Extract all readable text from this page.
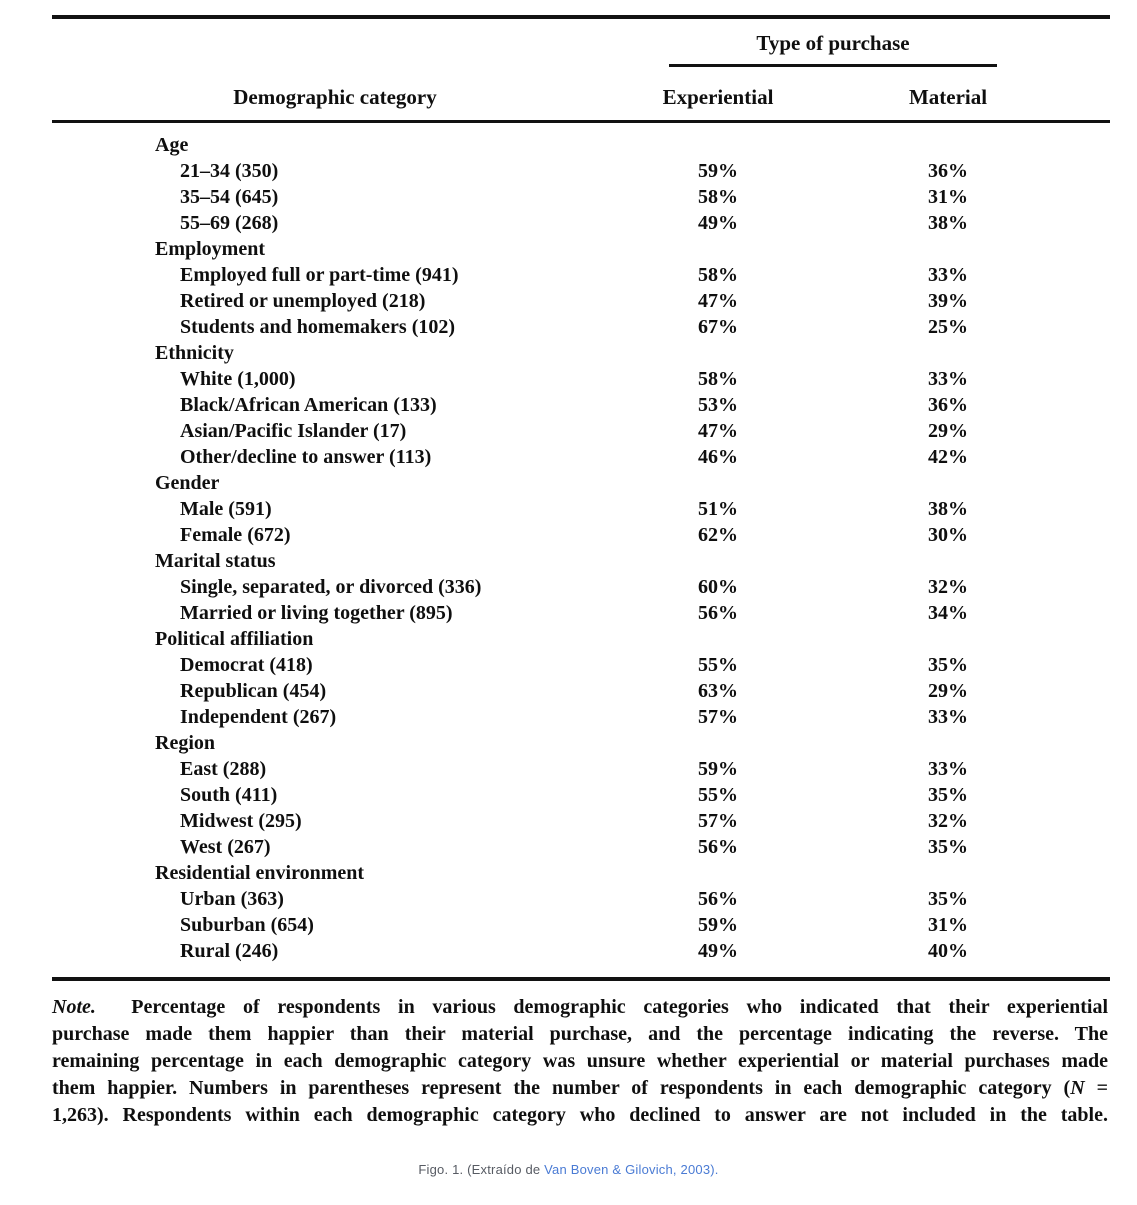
Type of purchase
Demographic category	Experiential	Material
Age
21–34 (350)	59%	36%
35–54 (645)	58%	31%
55–69 (268)	49%	38%
Employment
Employed full or part-time (941)	58%	33%
Retired or unemployed (218)	47%	39%
Students and homemakers (102)	67%	25%
Ethnicity
White (1,000)	58%	33%
Black/African American (133)	53%	36%
Asian/Pacific Islander (17)	47%	29%
Other/decline to answer (113)	46%	42%
Gender
Male (591)	51%	38%
Female (672)	62%	30%
Marital status
Single, separated, or divorced (336)	60%	32%
Married or living together (895)	56%	34%
Political affiliation
Democrat (418)	55%	35%
Republican (454)	63%	29%
Independent (267)	57%	33%
Region
East (288)	59%	33%
South (411)	55%	35%
Midwest (295)	57%	32%
West (267)	56%	35%
Residential environment
Urban (363)	56%	35%
Suburban (654)	59%	31%
Rural (246)	49%	40%
Note.  Percentage of respondents in various demographic categories who indicated that their experiential
purchase made them happier than their material purchase, and the percentage indicating the reverse. The
remaining percentage in each demographic category was unsure whether experiential or material purchases made
them happier. Numbers in parentheses represent the number of respondents in each demographic category (N =
1,263). Respondents within each demographic category who declined to answer are not included in the table.
Figo. 1. (Extraído de Van Boven & Gilovich, 2003).
